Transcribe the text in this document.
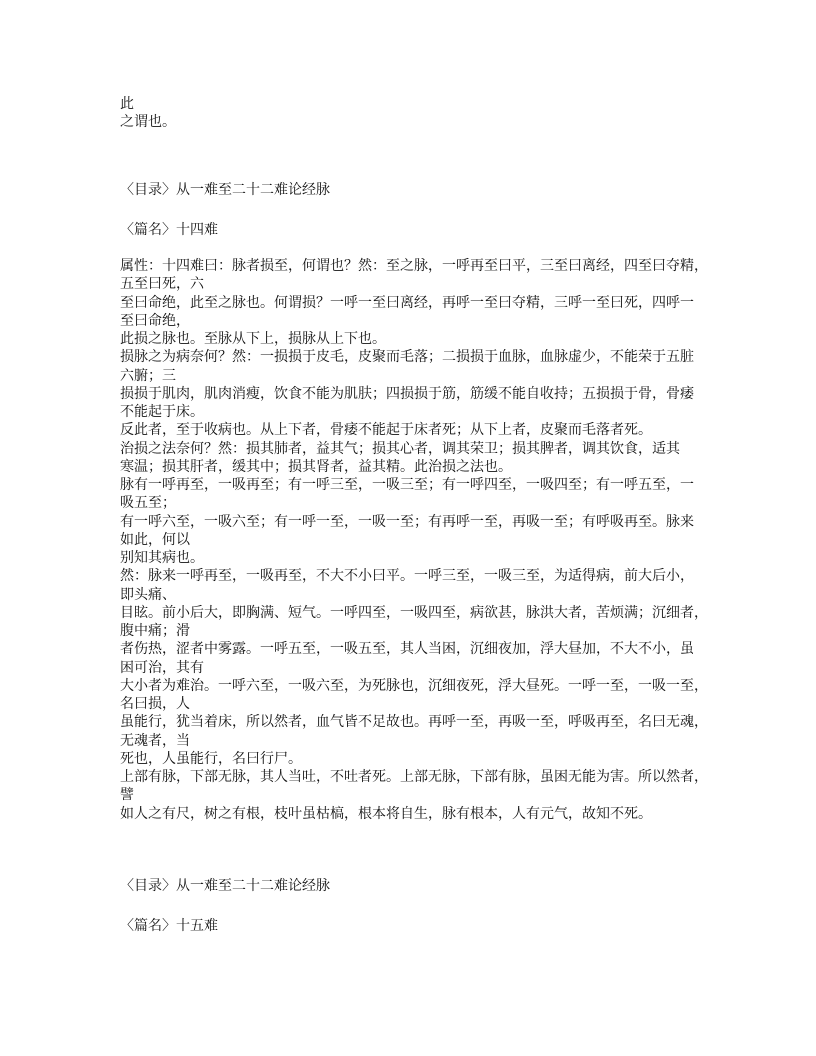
此
之谓也。
〈目录〉从一难至二十二难论经脉
〈篇名〉十四难
属性：十四难曰：脉者损至，何谓也？然：至之脉，一呼再至曰平，三至曰离经，四至曰夺精，
五至曰死，六
至曰命绝，此至之脉也。何谓损？一呼一至曰离经，再呼一至曰夺精，三呼一至曰死，四呼一
至曰命绝，
此损之脉也。至脉从下上，损脉从上下也。
损脉之为病奈何？然：一损损于皮毛，皮聚而毛落；二损损于血脉，血脉虚少，不能荣于五脏
六腑；三
损损于肌肉，肌肉消瘦，饮食不能为肌肤；四损损于筋，筋缓不能自收持；五损损于骨，骨痿
不能起于床。
反此者，至于收病也。从上下者，骨痿不能起于床者死；从下上者，皮聚而毛落者死。
治损之法奈何？然：损其肺者，益其气；损其心者，调其荣卫；损其脾者，调其饮食，适其
寒温；损其肝者，缓其中；损其肾者，益其精。此治损之法也。
脉有一呼再至，一吸再至；有一呼三至，一吸三至；有一呼四至，一吸四至；有一呼五至，一
吸五至；
有一呼六至，一吸六至；有一呼一至，一吸一至；有再呼一至，再吸一至；有呼吸再至。脉来
如此，何以
别知其病也。
然：脉来一呼再至，一吸再至，不大不小曰平。一呼三至，一吸三至，为适得病，前大后小，
即头痛、
目眩。前小后大，即胸满、短气。一呼四至，一吸四至，病欲甚，脉洪大者，苦烦满；沉细者，
腹中痛；滑
者伤热，涩者中雾露。一呼五至，一吸五至，其人当困，沉细夜加，浮大昼加，不大不小，虽
困可治，其有
大小者为难治。一呼六至，一吸六至，为死脉也，沉细夜死，浮大昼死。一呼一至，一吸一至，
名曰损，人
虽能行，犹当着床，所以然者，血气皆不足故也。再呼一至，再吸一至，呼吸再至，名曰无魂，
无魂者，当
死也，人虽能行，名曰行尸。
上部有脉，下部无脉，其人当吐，不吐者死。上部无脉，下部有脉，虽困无能为害。所以然者，
譬
如人之有尺，树之有根，枝叶虽枯槁，根本将自生，脉有根本，人有元气，故知不死。
〈目录〉从一难至二十二难论经脉
〈篇名〉十五难
